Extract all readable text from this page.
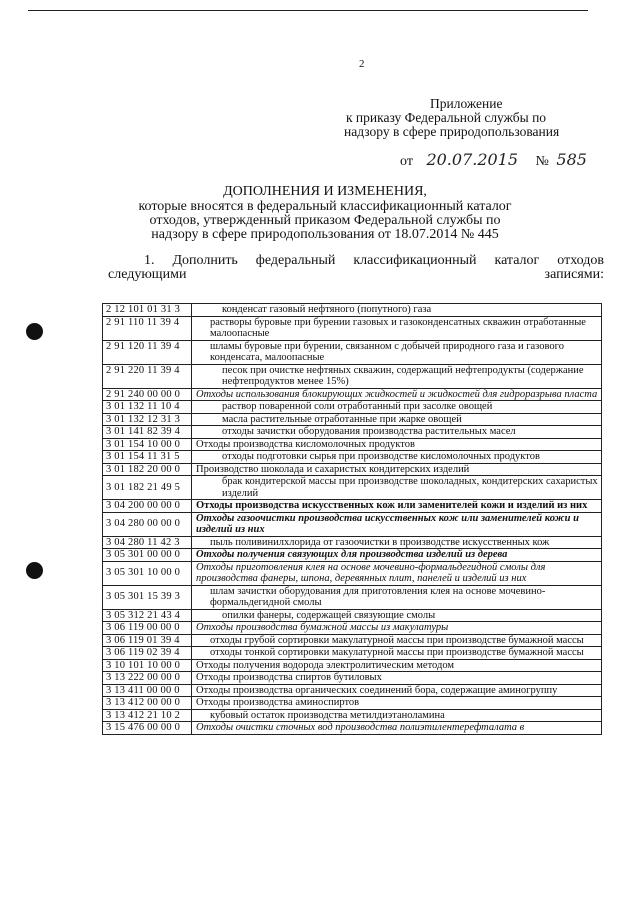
2
Приложение
к приказу Федеральной службы по
надзору в сфере природопользования
от 20.07.2015 № 585
ДОПОЛНЕНИЯ И ИЗМЕНЕНИЯ,
которые вносятся в федеральный классификационный каталог
отходов, утвержденный приказом Федеральной службы по
надзору в сфере природопользования от 18.07.2014 № 445
1. Дополнить федеральный классификационный каталог отходов
следующими записями:
2 12 101 01 31 3	конденсат газовый нефтяного (попутного) газа
2 91 110 11 39 4	растворы буровые при бурении газовых и газоконденсатных скважин отработанные малоопасные
2 91 120 11 39 4	шламы буровые при бурении, связанном с добычей природного газа и газового конденсата, малоопасные
2 91 220 11 39 4	песок при очистке нефтяных скважин, содержащий нефтепродукты (содержание нефтепродуктов менее 15%)
2 91 240 00 00 0	Отходы использования блокирующих жидкостей и жидкостей для гидроразрыва пласта
3 01 132 11 10 4	раствор поваренной соли отработанный при засолке овощей
3 01 132 12 31 3	масла растительные отработанные при жарке овощей
3 01 141 82 39 4	отходы зачистки оборудования производства растительных масел
3 01 154 10 00 0	Отходы производства кисломолочных продуктов
3 01 154 11 31 5	отходы подготовки сырья при производстве кисломолочных продуктов
3 01 182 20 00 0	Производство шоколада и сахаристых кондитерских изделий
3 01 182 21 49 5	брак кондитерской массы при производстве шоколадных, кондитерских сахаристых изделий
3 04 200 00 00 0	Отходы производства искусственных кож или заменителей кожи и изделий из них
3 04 280 00 00 0	Отходы газоочистки производства искусственных кож или заменителей кожи и изделий из них
3 04 280 11 42 3	пыль поливинилхлорида от газоочистки в производстве искусственных кож
3 05 301 00 00 0	Отходы получения связующих для производства изделий из дерева
3 05 301 10 00 0	Отходы приготовления клея на основе мочевино-формальдегидной смолы для производства фанеры, шпона, деревянных плит, панелей и изделий из них
3 05 301 15 39 3	шлам зачистки оборудования для приготовления клея на основе мочевино-формальдегидной смолы
3 05 312 21 43 4	опилки фанеры, содержащей связующие смолы
3 06 119 00 00 0	Отходы производства бумажной массы из макулатуры
3 06 119 01 39 4	отходы грубой сортировки макулатурной массы при производстве бумажной массы
3 06 119 02 39 4	отходы тонкой сортировки макулатурной массы при производстве бумажной массы
3 10 101 10 00 0	Отходы получения водорода электролитическим методом
3 13 222 00 00 0	Отходы производства спиртов бутиловых
3 13 411 00 00 0	Отходы производства органических соединений бора, содержащие аминогруппу
3 13 412 00 00 0	Отходы производства аминоспиртов
3 13 412 21 10 2	кубовый остаток производства метилдиэтаноламина
3 15 476 00 00 0	Отходы очистки сточных вод производства полиэтилентерефталата в
